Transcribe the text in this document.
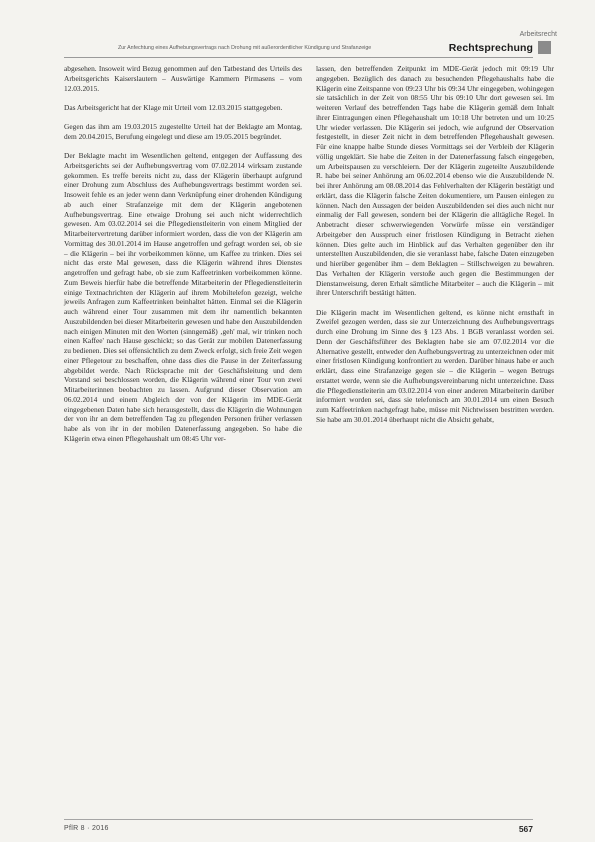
Arbeitsrecht
Zur Anfechtung eines Aufhebungsvertrags nach Drohung mit außerordentlicher Kündigung und Strafanzeige	Rechtsprechung

abgesehen. Insoweit wird Bezug genommen auf den Tatbestand des Urteils des Arbeitsgerichts Kaiserslautern – Auswärtige Kammern Pirmasens – vom 12.03.2015.

Das Arbeitsgericht hat der Klage mit Urteil vom 12.03.2015 stattgegeben.

Gegen das ihm am 19.03.2015 zugestellte Urteil hat der Beklagte am Montag, dem 20.04.2015, Berufung eingelegt und diese am 19.05.2015 begründet.

Der Beklagte macht im Wesentlichen geltend, entgegen der Auffassung des Arbeitsgerichts sei der Aufhebungsvertrag vom 07.02.2014 wirksam zustande gekommen. Es treffe bereits nicht zu, dass der Klägerin überhaupt aufgrund einer Drohung zum Abschluss des Aufhebungsvertrags bestimmt worden sei. Insoweit fehle es an jeder wenn dann Verknüpfung einer drohenden Kündigung ab auch einer Strafanzeige mit dem der Klägerin angebotenen Aufhebungsvertrag. Eine etwaige Drohung sei auch nicht widerrechtlich gewesen. Am 03.02.2014 sei die Pflegedienstleiterin von einem Mitglied der Mitarbeitervertretung darüber informiert worden, dass die von der Klägerin am Vormittag des 30.01.2014 im Hause angetroffen und gefragt worden sei, ob sie – die Klägerin – bei ihr vorbeikommen könne, um Kaffee zu trinken. Dies sei nicht das erste Mal gewesen, dass die Klägerin während ihres Dienstes angetroffen und gefragt habe, ob sie zum Kaffeetrinken vorbeikommen könne. Zum Beweis hierfür habe die betreffende Mitarbeiterin der Pflegedienstleiterin einige Textnachrichten der Klägerin auf ihrem Mobiltelefon gezeigt, welche jeweils Anfragen zum Kaffeetrinken beinhaltet hätten. Einmal sei die Klägerin auch während einer Tour zusammen mit dem ihr namentlich bekannten Auszubildenden bei dieser Mitarbeiterin gewesen und habe den Auszubildenden nach einigen Minuten mit den Worten (sinngemäß) ‚geh' mal, wir trinken noch einen Kaffee' nach Hause geschickt; so das Gerät zur mobilen Datenerfassung zu bedienen. Dies sei offensichtlich zu dem Zweck erfolgt, sich freie Zeit wegen einer Pflegetour zu beschaffen, ohne dass dies die Pause in der Zeiterfassung abgebildet werde. Nach Rücksprache mit der Geschäftsleitung und dem Vorstand sei beschlossen worden, die Klägerin während einer Tour von zwei Mitarbeiterinnen beobachten zu lassen. Aufgrund dieser Observation am 06.02.2014 und einem Abgleich der von der Klägerin im MDE-Gerät eingegebenen Daten habe sich herausgestellt, dass die Klägerin die Wohnungen der von ihr an dem betreffenden Tag zu pflegenden Personen früher verlassen habe als von ihr in der mobilen Datenerfassung angegeben. So habe die Klägerin etwa einen Pflegehaushalt um 08:45 Uhr ver-

lassen, den betreffenden Zeitpunkt im MDE-Gerät jedoch mit 09:19 Uhr angegeben. Bezüglich des danach zu besuchenden Pflegehaushalts habe die Klägerin eine Zeitspanne von 09:23 Uhr bis 09:34 Uhr eingegeben, wohingegen sie tatsächlich in der Zeit von 08:55 Uhr bis 09:10 Uhr dort gewesen sei. Im weiteren Verlauf des betreffenden Tags habe die Klägerin gemäß dem Inhalt ihrer Eintragungen einen Pflegehaushalt um 10:18 Uhr betreten und um 10:25 Uhr wieder verlassen. Die Klägerin sei jedoch, wie aufgrund der Observation festgestellt, in dieser Zeit nicht in dem betreffenden Pflegehaushalt gewesen. Für eine knappe halbe Stunde dieses Vormittags sei der Verbleib der Klägerin völlig ungeklärt. Sie habe die Zeiten in der Datenerfassung falsch eingegeben, um Arbeitspausen zu verschleiern. Der der Klägerin zugeteilte Auszubildende R. habe bei seiner Anhörung am 06.02.2014 ebenso wie die Auszubildende N. bei ihrer Anhörung am 08.08.2014 das Fehlverhalten der Klägerin bestätigt und erklärt, dass die Klägerin falsche Zeiten dokumentiere, um Pausen einlegen zu können. Nach den Aussagen der beiden Auszubildenden sei dies auch nicht nur einmalig der Fall gewesen, sondern bei der Klägerin die alltägliche Regel. In Anbetracht dieser schwerwiegenden Vorwürfe müsse ein verständiger Arbeitgeber den Ausspruch einer fristlosen Kündigung in Betracht ziehen können. Dies gelte auch im Hinblick auf das Verhalten gegenüber den ihr unterstellten Auszubildenden, die sie veranlasst habe, falsche Daten einzugeben und hierüber gegenüber ihm – dem Beklagten – Stillschweigen zu bewahren. Das Verhalten der Klägerin verstoße auch gegen die Bestimmungen der Dienstanweisung, deren Erhalt sämtliche Mitarbeiter – auch die Klägerin – mit ihrer Unterschrift bestätigt hätten.

Die Klägerin macht im Wesentlichen geltend, es könne nicht ernsthaft in Zweifel gezogen werden, dass sie zur Unterzeichnung des Aufhebungsvertrags durch eine Drohung im Sinne des § 123 Abs. 1 BGB veranlasst worden sei. Denn der Geschäftsführer des Beklagten habe sie am 07.02.2014 vor die Alternative gestellt, entweder den Aufhebungsvertrag zu unterzeichnen oder mit einer fristlosen Kündigung konfrontiert zu werden. Darüber hinaus habe er auch erklärt, dass eine Strafanzeige gegen sie – die Klägerin – wegen Betrugs erstattet werde, wenn sie die Aufhebungsvereinbarung nicht unterzeichne. Dass die Pflegedienstleiterin am 03.02.2014 von einer anderen Mitarbeiterin darüber informiert worden sei, dass sie telefonisch am 30.01.2014 um einen Besuch zum Kaffeetrinken nachgefragt habe, müsse mit Nichtwissen bestritten werden. Sie habe am 30.01.2014 überhaupt nicht die Absicht gehabt,

PflR 8 · 2016	567
